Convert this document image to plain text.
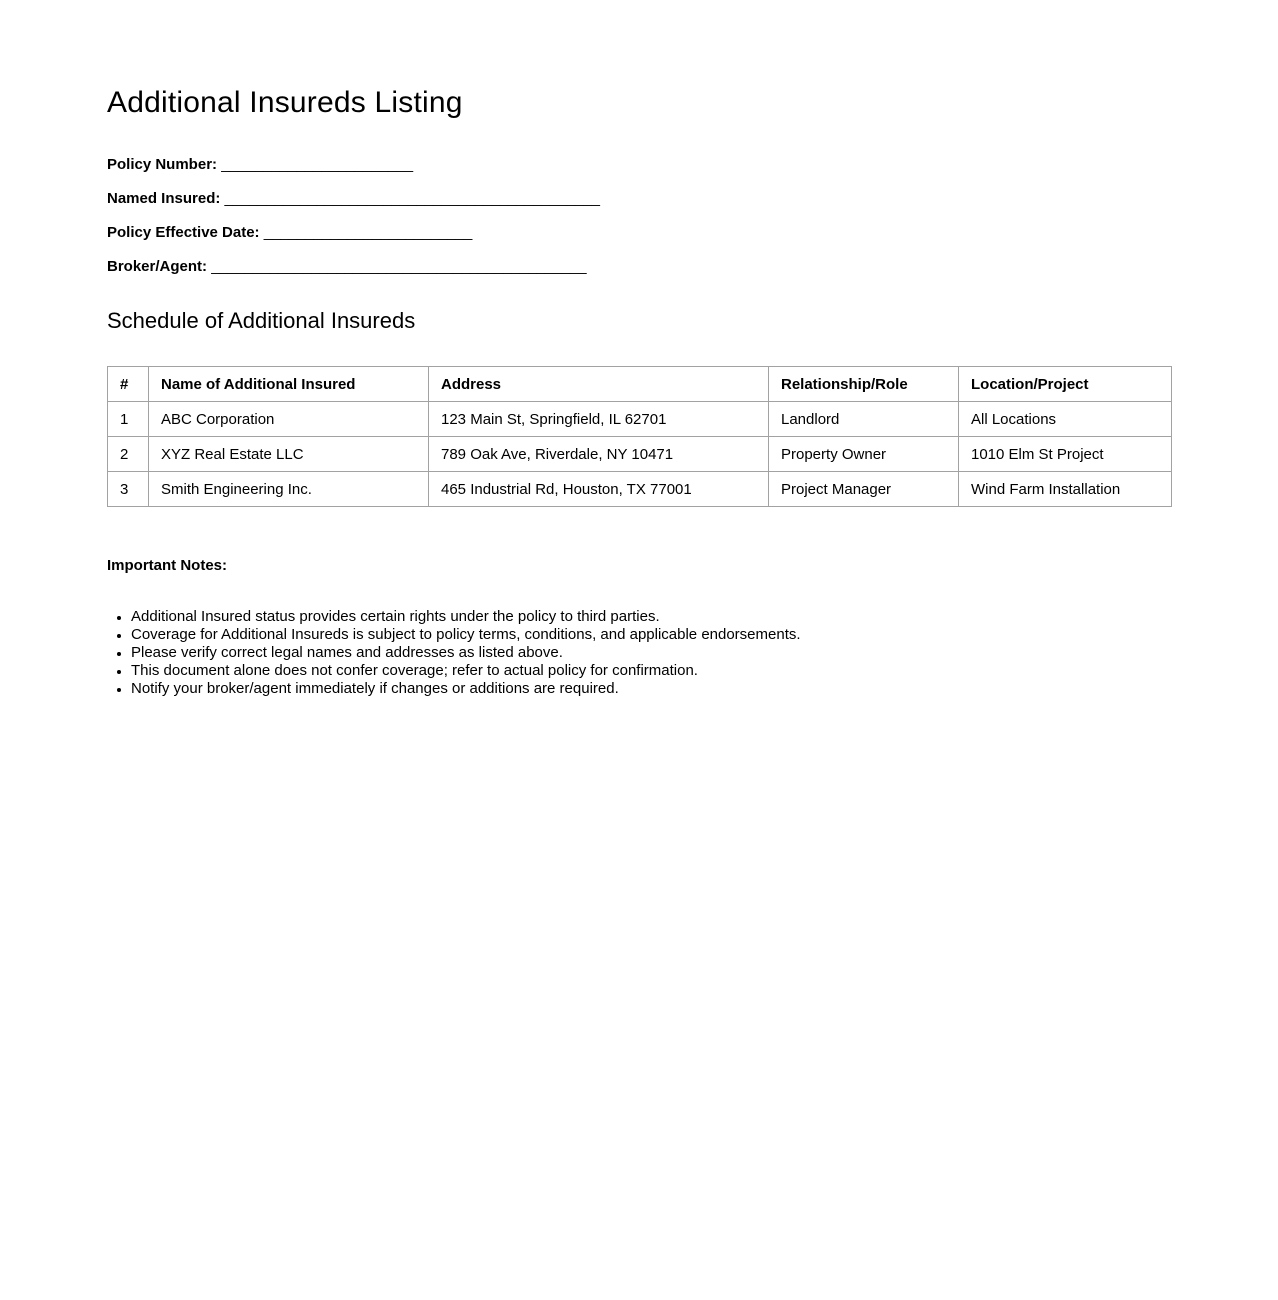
Additional Insureds Listing
Policy Number: _______________________
Named Insured: _____________________________________________
Policy Effective Date: _________________________
Broker/Agent: _____________________________________________
Schedule of Additional Insureds
#	Name of Additional Insured	Address	Relationship/Role	Location/Project
1	ABC Corporation	123 Main St, Springfield, IL 62701	Landlord	All Locations
2	XYZ Real Estate LLC	789 Oak Ave, Riverdale, NY 10471	Property Owner	1010 Elm St Project
3	Smith Engineering Inc.	465 Industrial Rd, Houston, TX 77001	Project Manager	Wind Farm Installation
Important Notes:
• Additional Insured status provides certain rights under the policy to third parties.
• Coverage for Additional Insureds is subject to policy terms, conditions, and applicable endorsements.
• Please verify correct legal names and addresses as listed above.
• This document alone does not confer coverage; refer to actual policy for confirmation.
• Notify your broker/agent immediately if changes or additions are required.
